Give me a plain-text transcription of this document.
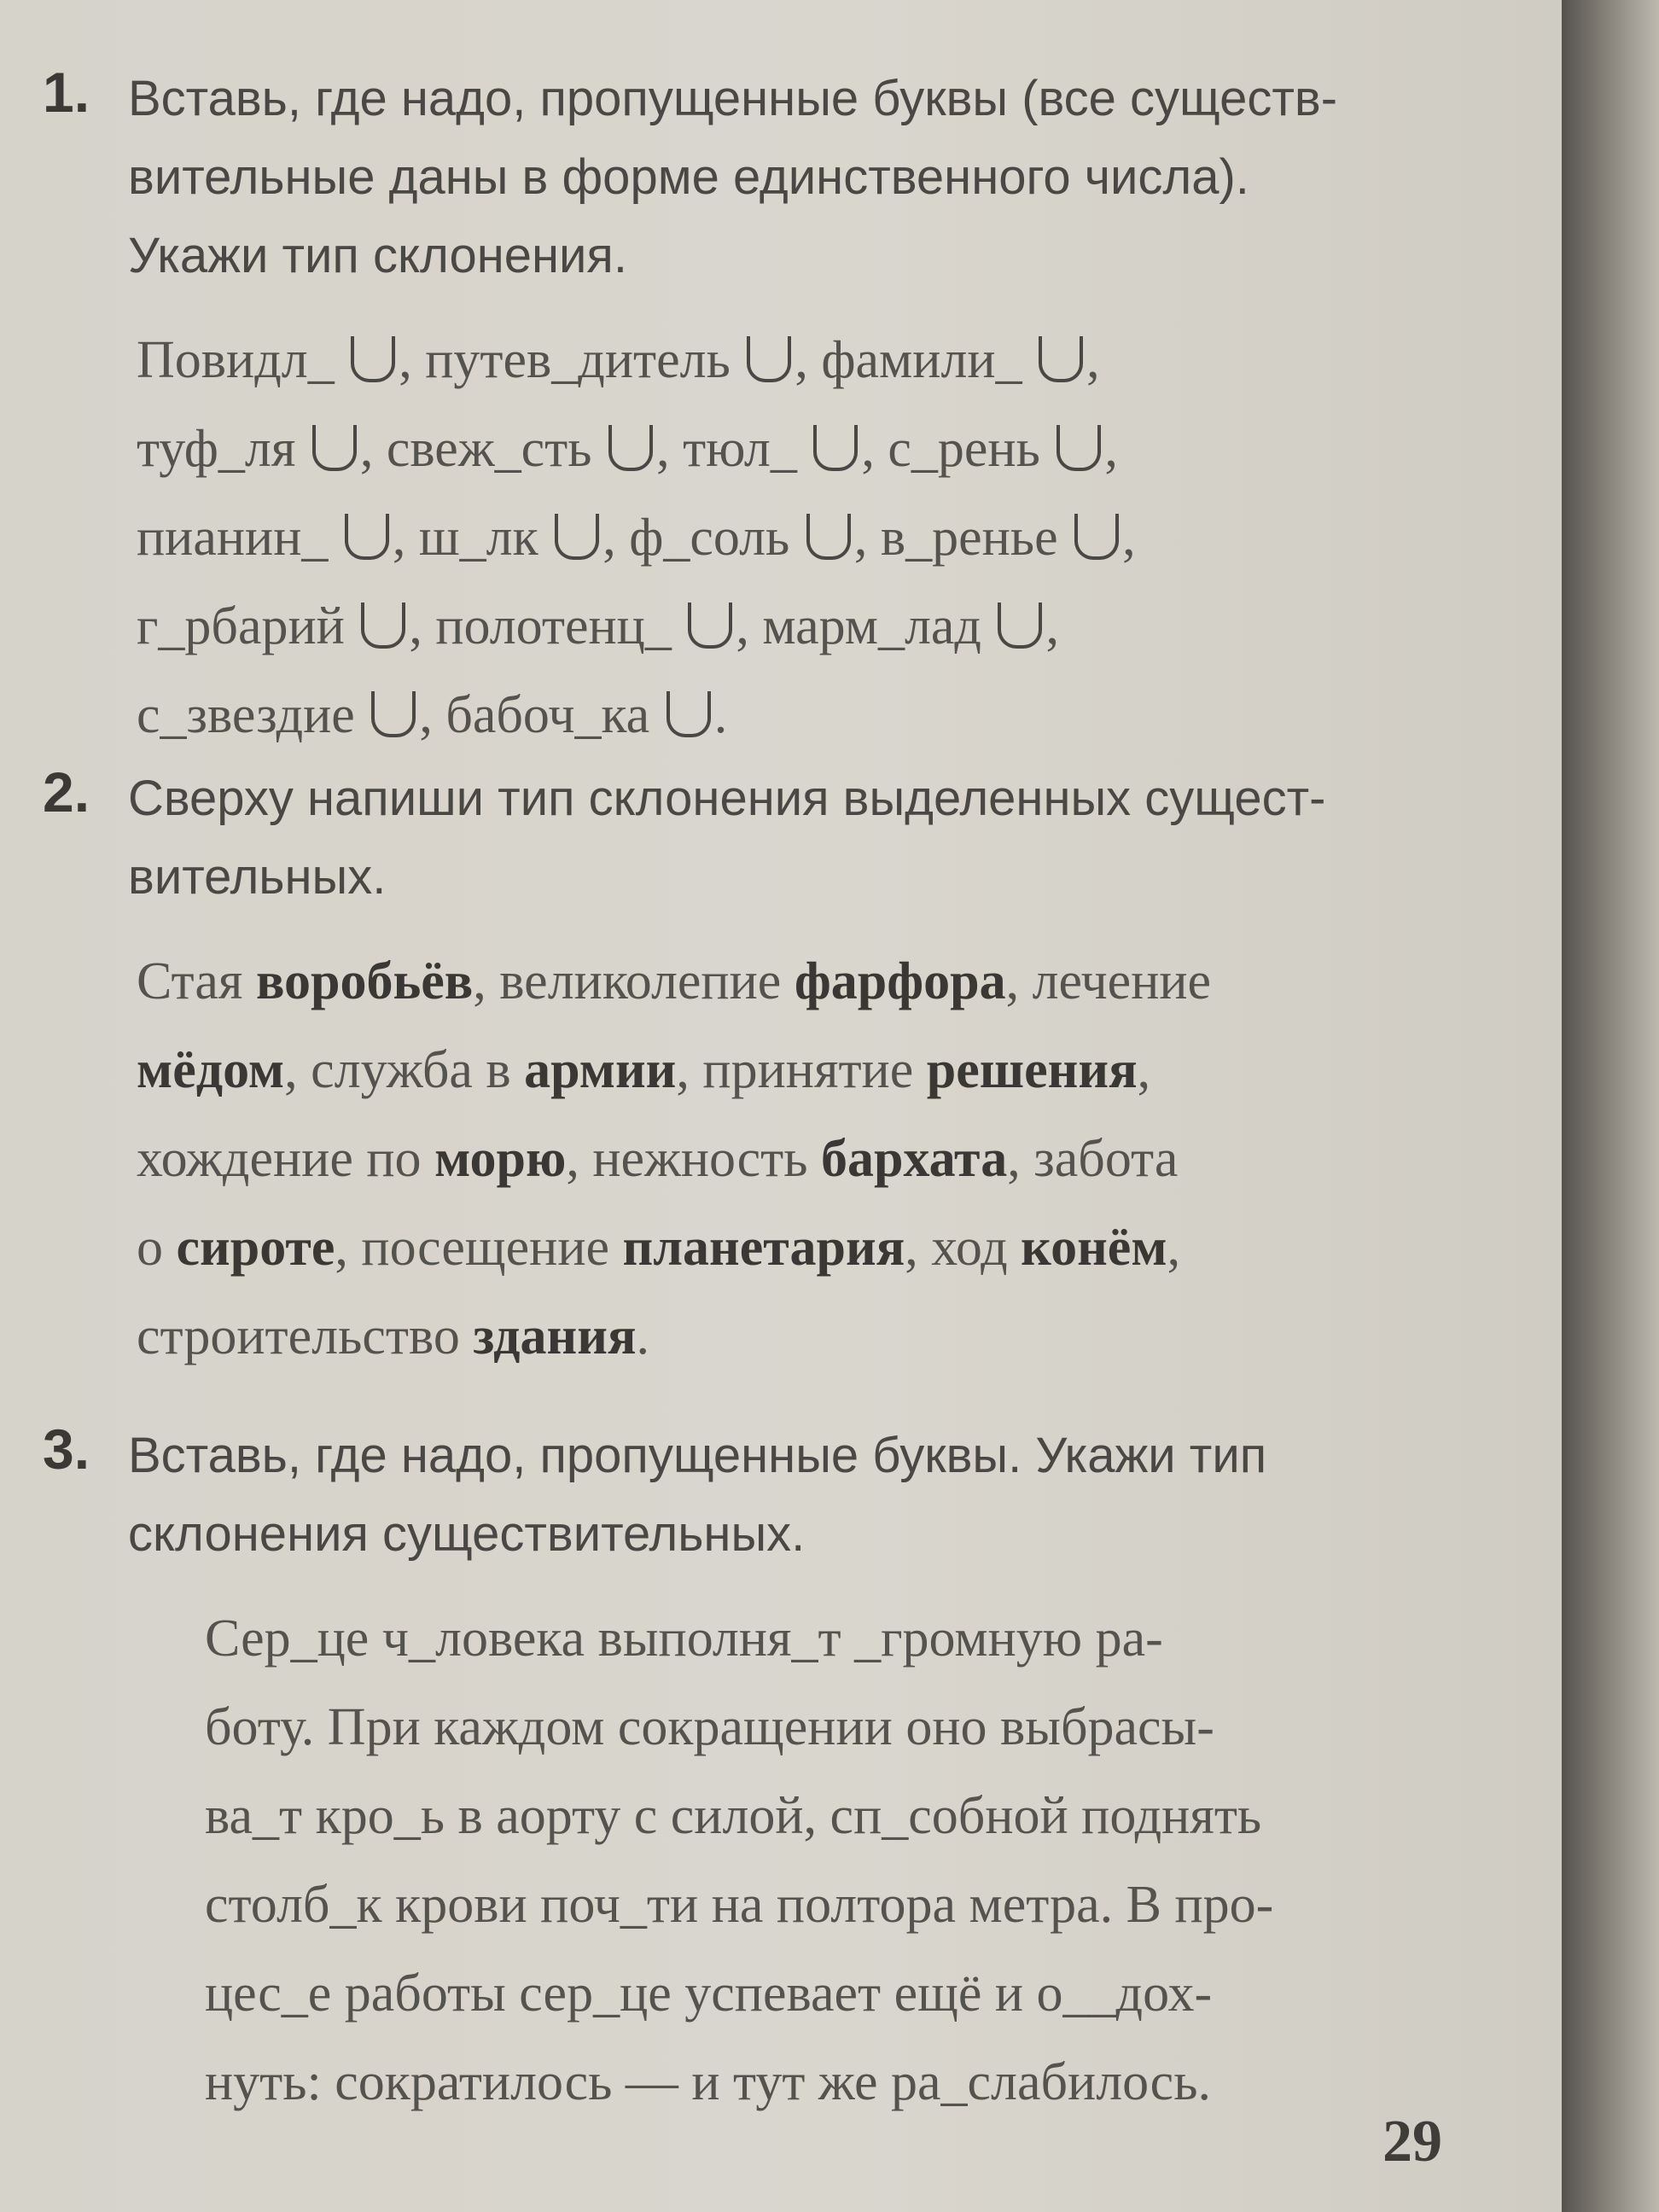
1. Вставь, где надо, пропущенные буквы (все существ-
вительные даны в форме единственного числа).
Укажи тип склонения.
Повидл_ , путев_дитель , фамили_ ,
туф_ля , свеж_сть , тюл_ , с_рень ,
пианин_ , ш_лк , ф_соль , в_ренье ,
г_рбарий , полотенц_ , марм_лад ,
с_звездие , бабоч_ка .
2. Сверху напиши тип склонения выделенных сущест-
вительных.
Стая воробьёв, великолепие фарфора, лечение
мёдом, служба в армии, принятие решения,
хождение по морю, нежность бархата, забота
о сироте, посещение планетария, ход конём,
строительство здания.
3. Вставь, где надо, пропущенные буквы. Укажи тип
склонения существительных.
Сер_це ч_ловека выполня_т _громную ра-
боту. При каждом сокращении оно выбрасы-
ва_т кро_ь в аорту с силой, сп_собной поднять
столб_к крови поч_ти на полтора метра. В про-
цес_е работы сер_це успевает ещё и о__дох-
нуть: сократилось — и тут же ра_слабилось.
29
